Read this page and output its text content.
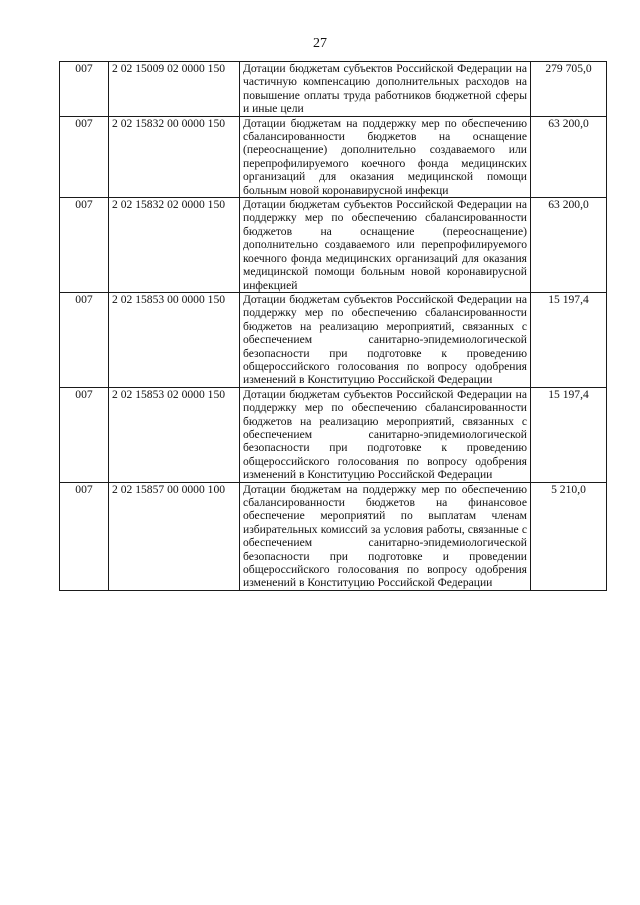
27
007	2 02 15009 02 0000 150	Дотации бюджетам субъектов Российской Федерации на частичную компенсацию дополнительных расходов на повышение оплаты труда работников бюджетной сферы и иные цели	279 705,0
007	2 02 15832 00 0000 150	Дотации бюджетам на поддержку мер по обеспечению сбалансированности бюджетов на оснащение (переоснащение) дополнительно создаваемого или перепрофилируемого коечного фонда медицинских организаций для оказания медицинской помощи больным новой коронавирусной инфекци	63 200,0
007	2 02 15832 02 0000 150	Дотации бюджетам субъектов Российской Федерации на поддержку мер по обеспечению сбалансированности бюджетов на оснащение (переоснащение) дополнительно создаваемого или перепрофилируемого коечного фонда медицинских организаций для оказания медицинской помощи больным новой коронавирусной инфекцией	63 200,0
007	2 02 15853 00 0000 150	Дотации бюджетам субъектов Российской Федерации на поддержку мер по обеспечению сбалансированности бюджетов на реализацию мероприятий, связанных с обеспечением санитарно-эпидемиологической безопасности при подготовке к проведению общероссийского голосования по вопросу одобрения изменений в Конституцию Российской Федерации	15 197,4
007	2 02 15853 02 0000 150	Дотации бюджетам субъектов Российской Федерации на поддержку мер по обеспечению сбалансированности бюджетов на реализацию мероприятий, связанных с обеспечением санитарно-эпидемиологической безопасности при подготовке к проведению общероссийского голосования по вопросу одобрения изменений в Конституцию Российской Федерации	15 197,4
007	2 02 15857 00 0000 100	Дотации бюджетам на поддержку мер по обеспечению сбалансированности бюджетов на финансовое обеспечение мероприятий по выплатам членам избирательных комиссий за условия работы, связанные с обеспечением санитарно-эпидемиологической безопасности при подготовке и проведении общероссийского голосования по вопросу одобрения изменений в Конституцию Российской Федерации	5 210,0
